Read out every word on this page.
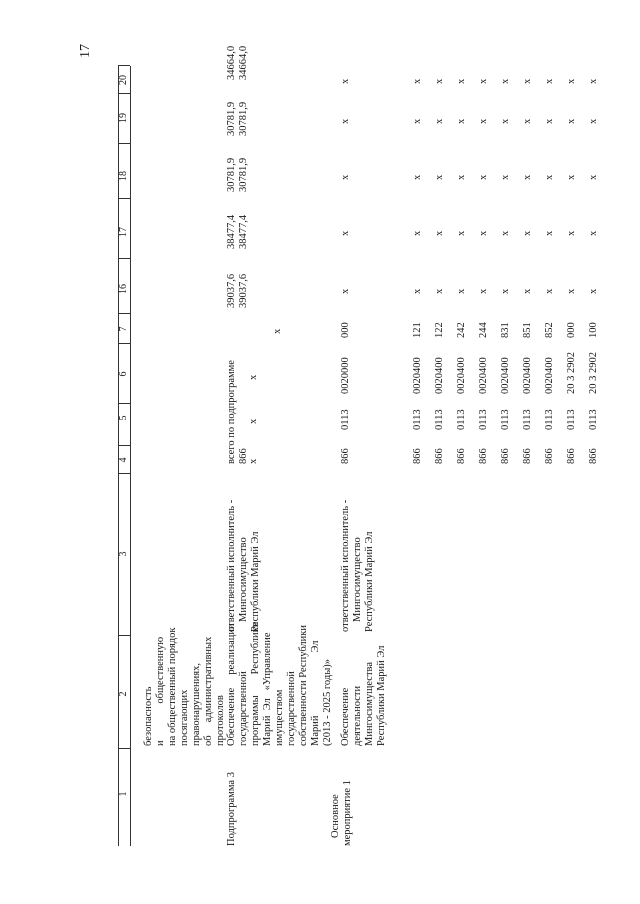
17
1
2
3
4
5
6
7
16
17
18
19
20
безопасность и              общественную на общественный порядок посягающих правонарушениях, об     административных протоколов
Подпрограмма 3
Обеспечение     реализации государственной программы        Республики Марий  Эл   «Управление имуществом государственной собственности Республики Марий                        Эл (2013 - 2025 годы)»
ответственный исполнитель - Мингосимущество Республики Марий Эл
всего по подпрограмме х
х
х
х
39037,6
38477,4
30781,9
30781,9
34664,0
866
39037,6
38477,4
30781,9
30781,9
34664,0
Основное мероприятие 1
Обеспечение деятельности Мингосимущества Республики Марий Эл
ответственный исполнитель - Мингосимущество Республики Марий Эл
866
0113
0020000
000
х
х
х
х
х
866
0113
0020400
121
х
х
х
х
х
866
0113
0020400
122
х
х
х
х
х
866
0113
0020400
242
х
х
х
х
х
866
0113
0020400
244
х
х
х
х
х
866
0113
0020400
831
х
х
х
х
х
866
0113
0020400
851
х
х
х
х
х
866
0113
0020400
852
х
х
х
х
х
866
0113
20 3 2902
000
х
х
х
х
х
866
0113
20 3 2902
100
х
х
х
х
х
